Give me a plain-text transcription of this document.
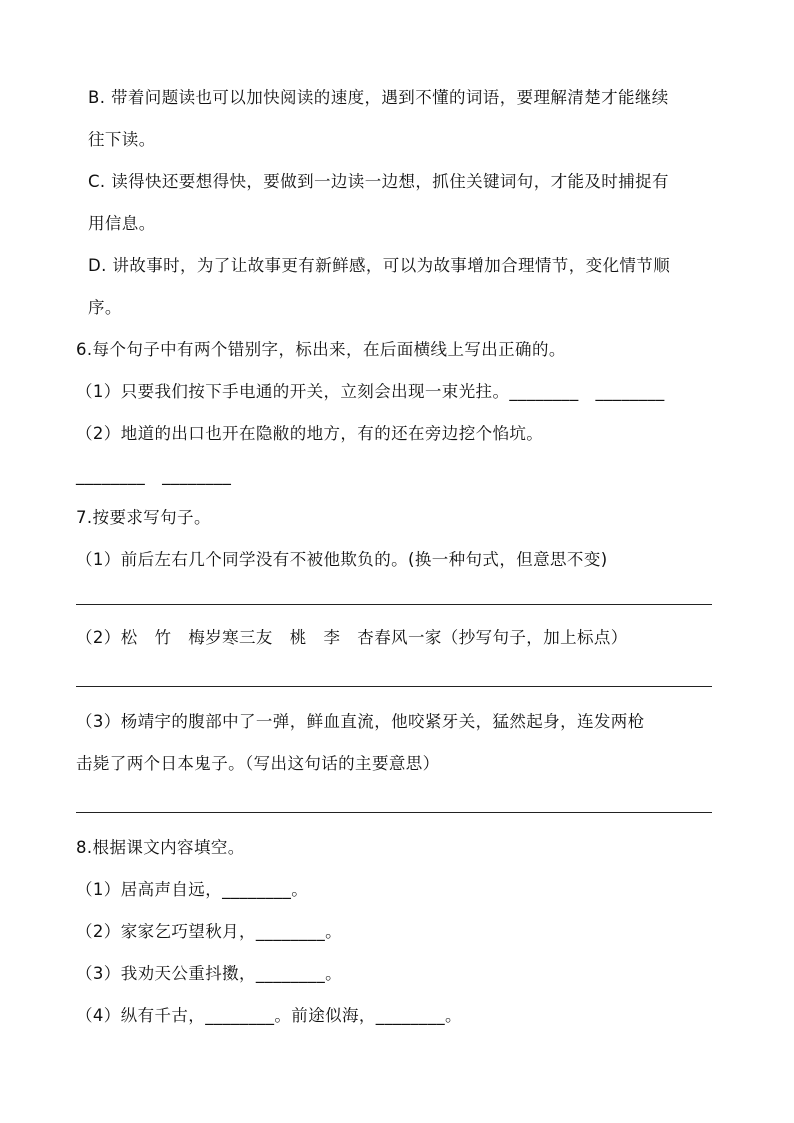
B. 带着问题读也可以加快阅读的速度，遇到不懂的词语，要理解清楚才能继续
往下读。
C. 读得快还要想得快，要做到一边读一边想，抓住关键词句，才能及时捕捉有
用信息。
D. 讲故事时，为了让故事更有新鲜感，可以为故事增加合理情节，变化情节顺
序。
6.每个句子中有两个错别字，标出来，在后面横线上写出正确的。
（1）只要我们按下手电通的开关，立刻会出现一束光拄。________　________
（2）地道的出口也开在隐敝的地方，有的还在旁边挖个惂坑。
________　________
7.按要求写句子。
（1）前后左右几个同学没有不被他欺负的。(换一种句式，但意思不变)
（2）松　竹　梅岁寒三友　桃　李　杏春风一家（抄写句子，加上标点）
（3）杨靖宇的腹部中了一弹，鲜血直流，他咬紧牙关，猛然起身，连发两枪
击毙了两个日本鬼子。（写出这句话的主要意思）
8.根据课文内容填空。
（1）居高声自远，________。
（2）家家乞巧望秋月，________。
（3）我劝天公重抖擞，________。
（4）纵有千古，________。前途似海，________。
